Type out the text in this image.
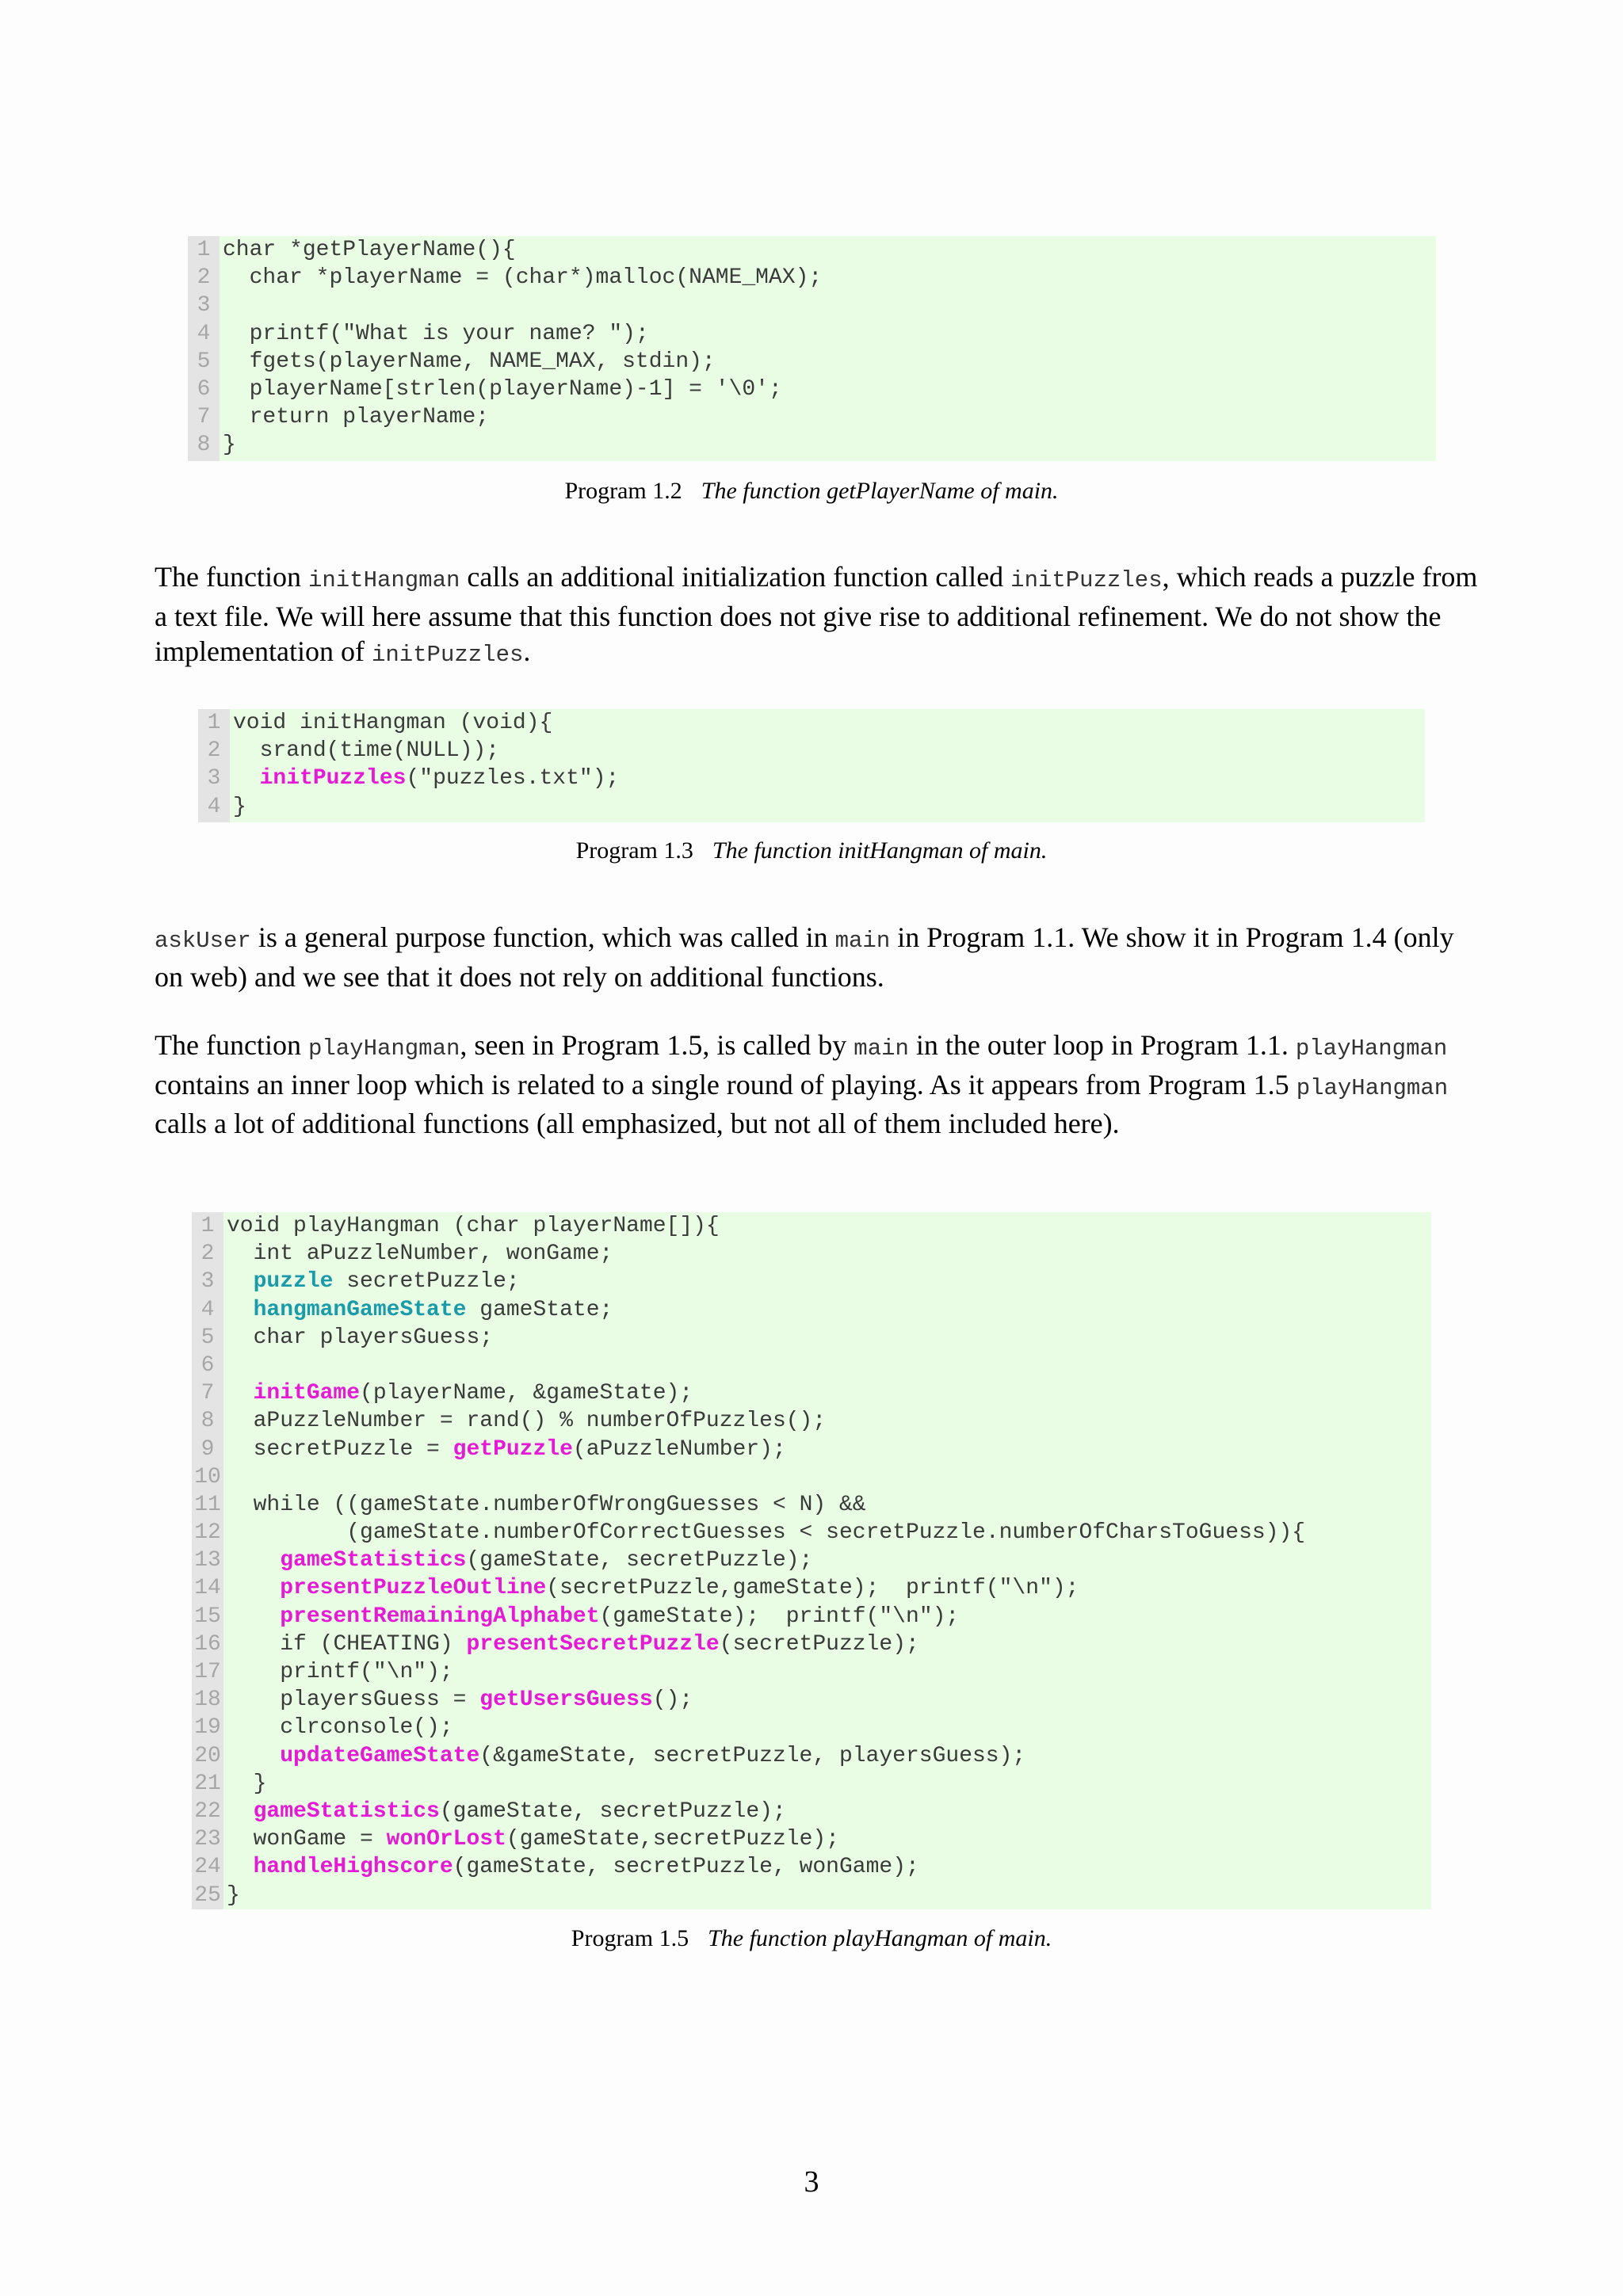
1
2
3
4
5
6
7
8

char *getPlayerName(){
char *playerName = (char*)malloc(NAME_MAX);

printf("What is your name? ");
fgets(playerName, NAME_MAX, stdin);
playerName[strlen(playerName)-1] = '\0';
return playerName;
}

Program 1.2 The function getPlayerName of main.

The function initHangman calls an additional initialization function called initPuzzles, which reads a puzzle from a text file. We will here assume that this function does not give rise to additional refinement. We do not show the implementation of initPuzzles.

1
2
3
4

void initHangman (void){
srand(time(NULL));
initPuzzles("puzzles.txt");
}

Program 1.3 The function initHangman of main.

askUser is a general purpose function, which was called in main in Program 1.1. We show it in Program 1.4 (only on web) and we see that it does not rely on additional functions.

The function playHangman, seen in Program 1.5, is called by main in the outer loop in Program 1.1. playHangman contains an inner loop which is related to a single round of playing. As it appears from Program 1.5 playHangman calls a lot of additional functions (all emphasized, but not all of them included here).

1
2
3
4
5
6
7
8
9
10
11
12
13
14
15
16
17
18
19
20
21
22
23
24
25

void playHangman (char playerName[]){
int aPuzzleNumber, wonGame;
puzzle secretPuzzle;
hangmanGameState gameState;
char playersGuess;

initGame(playerName, &gameState);
aPuzzleNumber = rand() % numberOfPuzzles();
secretPuzzle = getPuzzle(aPuzzleNumber);

while ((gameState.numberOfWrongGuesses < N) &&
(gameState.numberOfCorrectGuesses < secretPuzzle.numberOfCharsToGuess)){
gameStatistics(gameState, secretPuzzle);
presentPuzzleOutline(secretPuzzle,gameState);  printf("\n");
presentRemainingAlphabet(gameState);  printf("\n");
if (CHEATING) presentSecretPuzzle(secretPuzzle);
printf("\n");
playersGuess = getUsersGuess();
clrconsole();
updateGameState(&gameState, secretPuzzle, playersGuess);
}
gameStatistics(gameState, secretPuzzle);
wonGame = wonOrLost(gameState,secretPuzzle);
handleHighscore(gameState, secretPuzzle, wonGame);
}

Program 1.5 The function playHangman of main.
3
